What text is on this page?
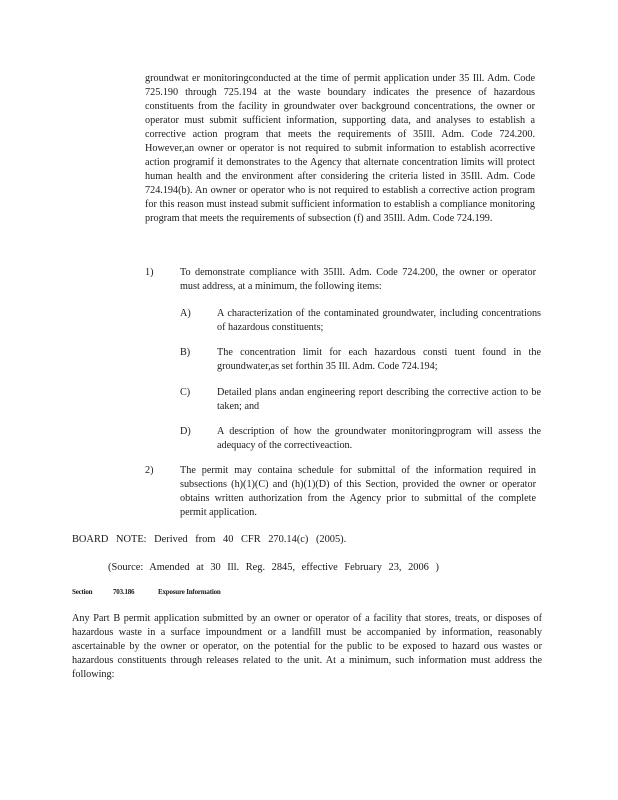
groundwat er monitoringconducted at the time of permit application under 35 Ill. Adm. Code 725.190 through 725.194 at the waste boundary indicates the presence of hazardous constituents from the facility in groundwater over background concentrations, the owner or operator must submit sufficient information, supporting data, and analyses to establish a corrective action program that meets the requirements of 35Ill. Adm. Code 724.200. However,an owner or operator is not required to submit information to establish acorrective action programif it demonstrates to the Agency that alternate concentration limits will protect human health and the environment after considering the criteria listed in 35Ill. Adm. Code 724.194(b). An owner or operator who is not required to establish a corrective action program for this reason must instead submit sufficient information to establish a compliance monitoring program that meets the requirements of subsection (f) and 35Ill. Adm. Code 724.199.

1)	To demonstrate compliance with 35Ill. Adm. Code 724.200, the owner or operator must address, at a minimum, the following items:
A)	A characterization of the contaminated groundwater, including concentrations of hazardous constituents;
B)	The concentration limit for each hazardous consti tuent found in the groundwater,as set forthin 35 Ill. Adm. Code 724.194;
C)	Detailed plans andan engineering report describing the corrective action to be taken; and
D)	A description of how the groundwater monitoringprogram will assess the adequacy of the correctiveaction.
2)	The permit may containa schedule for submittal of the information required in subsections (h)(1)(C) and (h)(1)(D) of this Section, provided the owner or operator obtains written authorization from the Agency prior to submittal of the complete permit application.
BOARD NOTE: Derived from 40 CFR 270.14(c) (2005).
(Source: Amended at 30 Ill. Reg. 2845, effective February 23, 2006 )
Section	703.186	Exposure Information
Any Part B permit application submitted by an owner or operator of a facility that stores, treats, or disposes of hazardous waste in a surface impoundment or a landfill must be accompanied by information, reasonably ascertainable by the owner or operator, on the potential for the public to be exposed to hazard ous wastes or hazardous constituents through releases related to the unit. At a minimum, such information must address the following:
